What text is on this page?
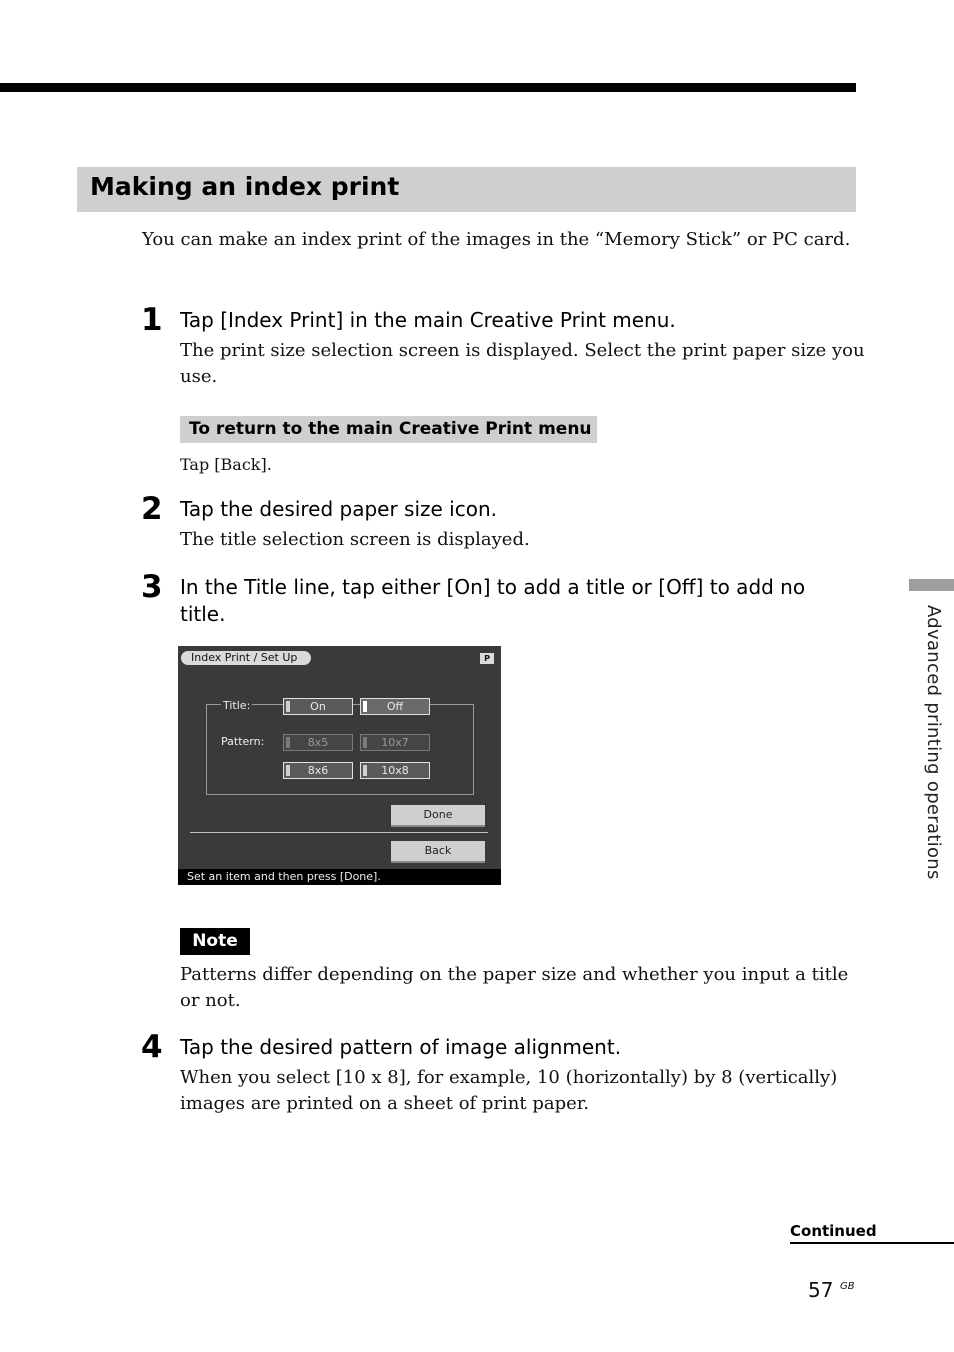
Making an index print
You can make an index print of the images in the “Memory Stick” or PC card.
1 Tap [Index Print] in the main Creative Print menu.
The print size selection screen is displayed. Select the print paper size you
use.
To return to the main Creative Print menu
Tap [Back].
2 Tap the desired paper size icon.
The title selection screen is displayed.
3 In the Title line, tap either [On] to add a title or [Off] to add no
title.
Index Print / Set Up	P
Title:
Pattern:
On	Off
8x5	10x7
8x6	10x8
Done
Back
Set an item and then press [Done].
Note
Patterns differ depending on the paper size and whether you input a title
or not.
4 Tap the desired pattern of image alignment.
When you select [10 x 8], for example, 10 (horizontally) by 8 (vertically)
images are printed on a sheet of print paper.
Advanced printing operations
Continued
57 GB
